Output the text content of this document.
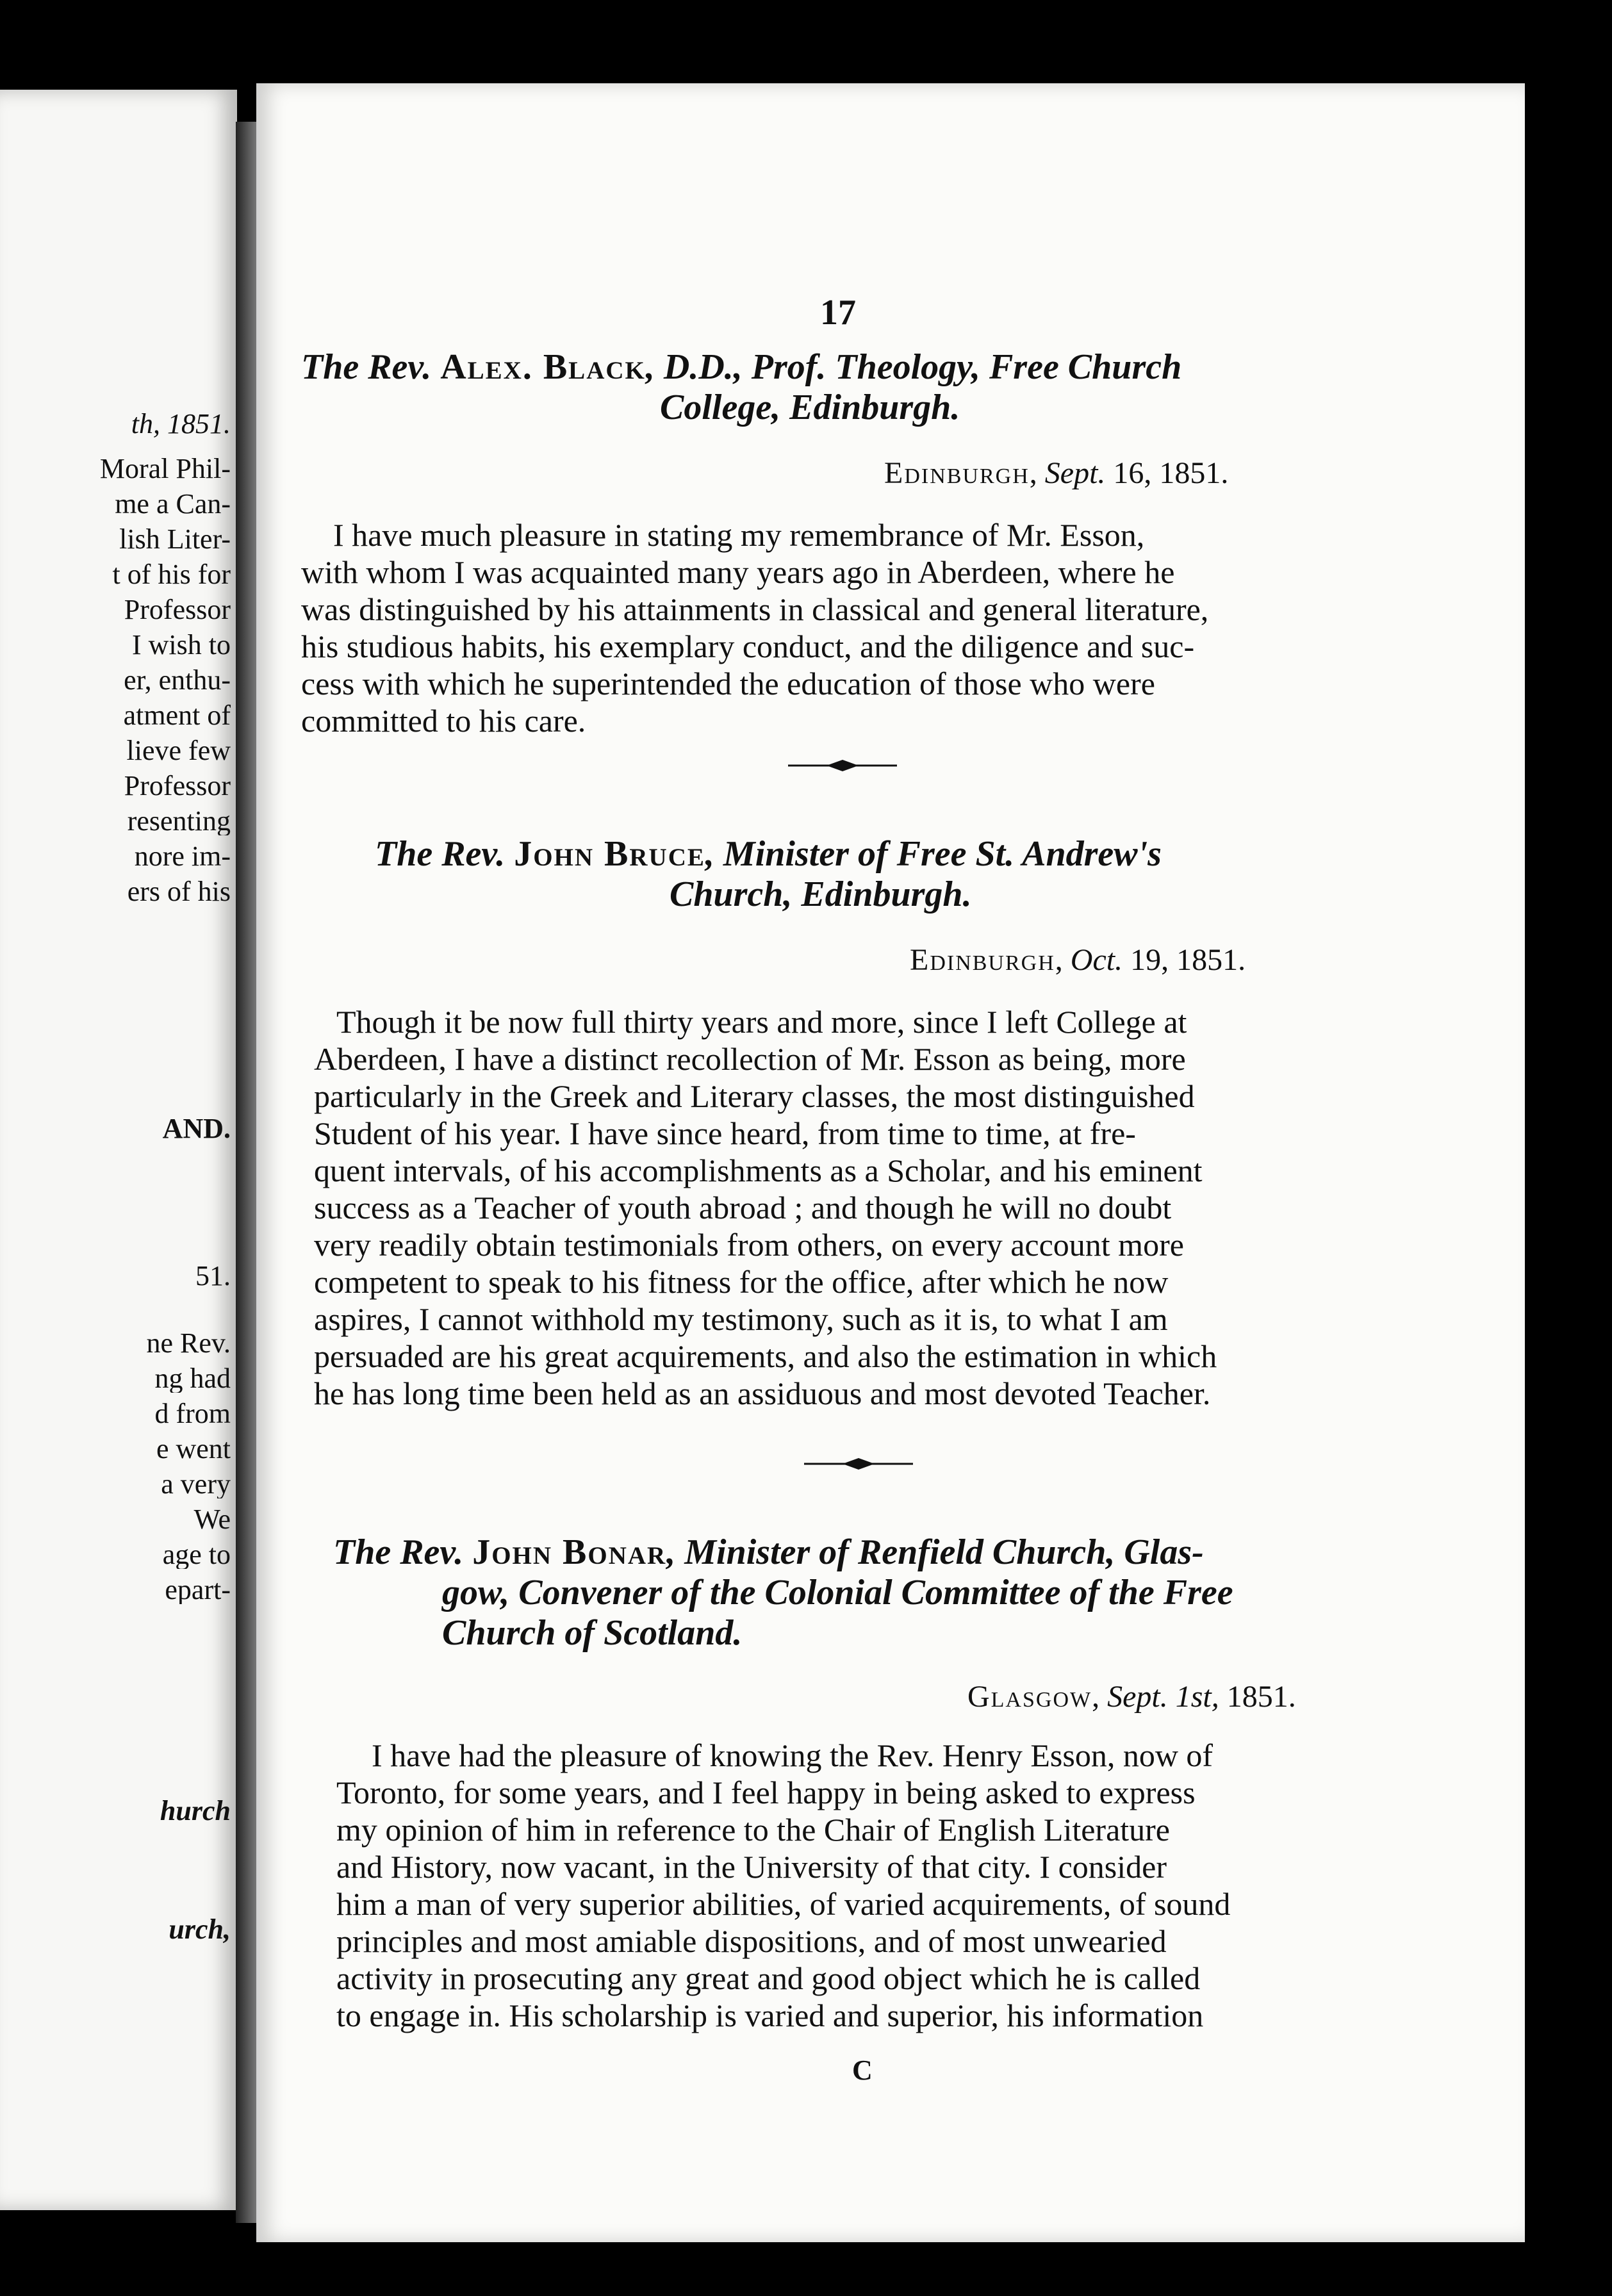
th, 1851.
Moral Phil-
me a Can-
lish Liter-
t of his for
Professor
I wish to
er, enthu-
atment of
lieve few
Professor
resenting
nore im-
ers of his
AND.
51.
ne Rev.
ng had
d from
e went
a very
We
age to
epart-
hurch
urch,
17
The Rev. Alex. Black, D.D., Prof. Theology, Free Church
College, Edinburgh.
Edinburgh, Sept. 16, 1851.
I have much pleasure in stating my remembrance of Mr. Esson,
with whom I was acquainted many years ago in Aberdeen, where he
was distinguished by his attainments in classical and general literature,
his studious habits, his exemplary conduct, and the diligence and suc-
cess with which he superintended the education of those who were
committed to his care.
The Rev. John Bruce, Minister of Free St. Andrew's
Church, Edinburgh.
Edinburgh, Oct. 19, 1851.
Though it be now full thirty years and more, since I left College at
Aberdeen, I have a distinct recollection of Mr. Esson as being, more
particularly in the Greek and Literary classes, the most distinguished
Student of his year. I have since heard, from time to time, at fre-
quent intervals, of his accomplishments as a Scholar, and his eminent
success as a Teacher of youth abroad ; and though he will no doubt
very readily obtain testimonials from others, on every account more
competent to speak to his fitness for the office, after which he now
aspires, I cannot withhold my testimony, such as it is, to what I am
persuaded are his great acquirements, and also the estimation in which
he has long time been held as an assiduous and most devoted Teacher.
The Rev. John Bonar, Minister of Renfield Church, Glas-
gow, Convener of the Colonial Committee of the Free
Church of Scotland.
Glasgow, Sept. 1st, 1851.
I have had the pleasure of knowing the Rev. Henry Esson, now of
Toronto, for some years, and I feel happy in being asked to express
my opinion of him in reference to the Chair of English Literature
and History, now vacant, in the University of that city. I consider
him a man of very superior abilities, of varied acquirements, of sound
principles and most amiable dispositions, and of most unwearied
activity in prosecuting any great and good object which he is called
to engage in. His scholarship is varied and superior, his information
C
